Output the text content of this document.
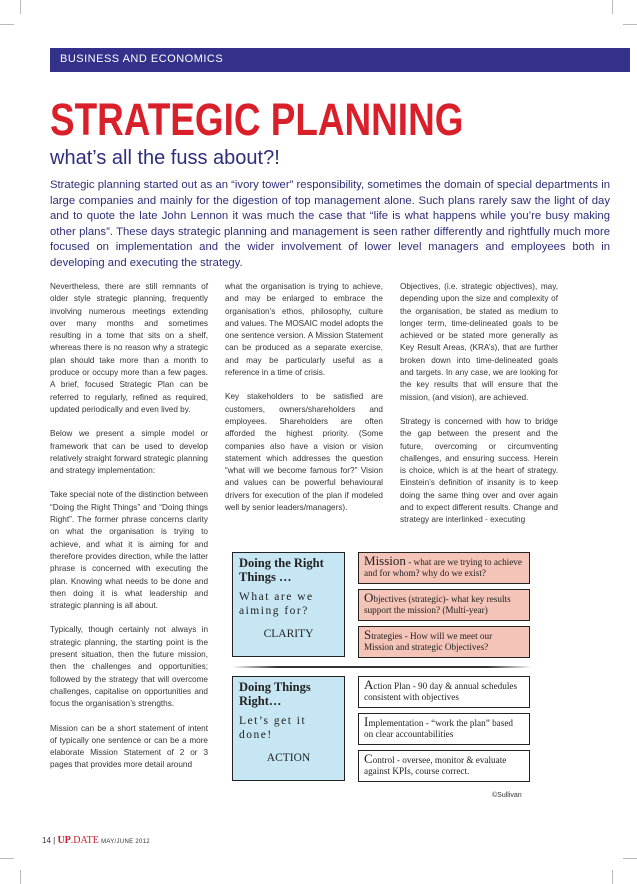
BUSINESS AND ECONOMICS
STRATEGIC PLANNING
what’s all the fuss about?!
Strategic planning started out as an “ivory tower” responsibility, sometimes the domain of special departments in large companies and mainly for the digestion of top management alone. Such plans rarely saw the light of day and to quote the late John Lennon it was much the case that “life is what happens while you’re busy making other plans”. These days strategic planning and management is seen rather differently and rightfully much more focused on implementation and the wider involvement of lower level managers and employees both in developing and executing the strategy.

Nevertheless, there are still remnants of older style strategic planning, frequently involving numerous meetings extending over many months and sometimes resulting in a tome that sits on a shelf, whereas there is no reason why a strategic plan should take more than a month to produce or occupy more than a few pages. A brief, focused Strategic Plan can be referred to regularly, refined as required, updated periodically and even lived by.

Below we present a simple model or framework that can be used to develop relatively straight forward strategic planning and strategy implementation:

Take special note of the distinction between “Doing the Right Things” and “Doing things Right”. The former phrase concerns clarity on what the organisation is trying to achieve, and what it is aiming for and therefore provides direction, while the latter phrase is concerned with executing the plan. Knowing what needs to be done and then doing it is what leadership and strategic planning is all about.

Typically, though certainly not always in strategic planning, the starting point is the present situation, then the future mission, then the challenges and opportunities; followed by the strategy that will overcome challenges, capitalise on opportunities and focus the organisation’s strengths.

Mission can be a short statement of intent of typically one sentence or can be a more elaborate Mission Statement of 2 or 3 pages that provides more detail around

what the organisation is trying to achieve, and may be enlarged to embrace the organisation’s ethos, philosophy, culture and values. The MOSAIC model adopts the one sentence version. A Mission Statement can be produced as a separate exercise, and may be particularly useful as a reference in a time of crisis.

Key stakeholders to be satisfied are customers, owners/shareholders and employees. Shareholders are often afforded the highest priority. (Some companies also have a vision or vision statement which addresses the question “what will we become famous for?” Vision and values can be powerful behavioural drivers for execution of the plan if modeled well by senior leaders/managers).

Objectives, (i.e. strategic objectives), may, depending upon the size and complexity of the organisation, be stated as medium to longer term, time-delineated goals to be achieved or be stated more generally as Key Result Areas, (KRA’s), that are further broken down into time-delineated goals and targets. In any case, we are looking for the key results that will ensure that the mission, (and vision), are achieved.

Strategy is concerned with how to bridge the gap between the present and the future, overcoming or circumventing challenges, and ensuring success. Herein is choice, which is at the heart of strategy. Einstein’s definition of insanity is to keep doing the same thing over and over again and to expect different results. Change and strategy are interlinked - executing

Doing the Right Things …
What are we aiming for?
CLARITY
Mission - what are we trying to achieve and for whom? why do we exist?
Objectives (strategic)- what key results support the mission? (Multi-year)
Strategies - How will we meet our Mission and strategic Objectives?
Doing Things Right…
Let’s get it done!
ACTION
Action Plan - 90 day & annual schedules consistent with objectives
Implementation - “work the plan” based on clear accountabilities
Control - oversee, monitor & evaluate against KPIs, course correct.
©Sullivan
14 | UP.DATE MAY/JUNE 2012
